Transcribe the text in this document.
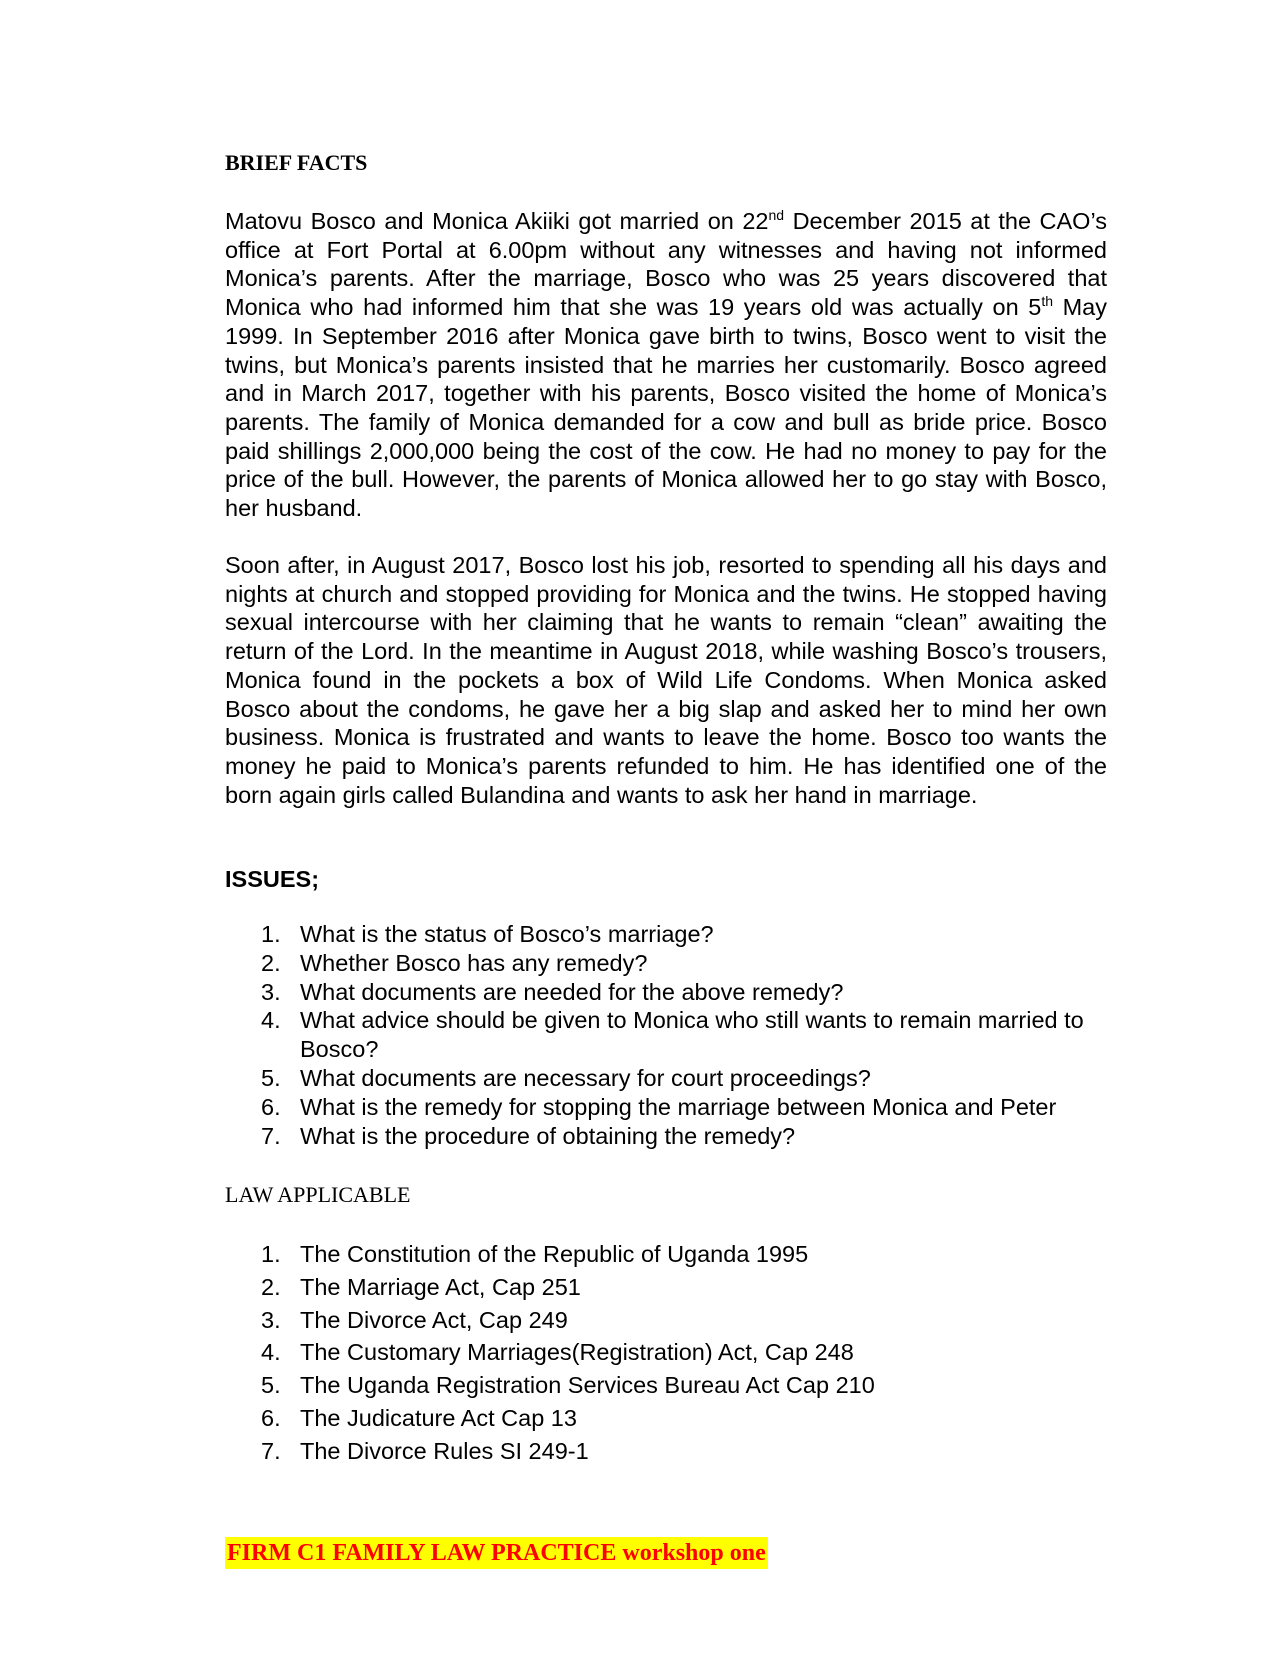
BRIEF FACTS

Matovu Bosco and Monica Akiiki got married on 22nd December 2015 at the CAO’s office at Fort Portal at 6.00pm without any witnesses and having not informed Monica’s parents. After the marriage, Bosco who was 25 years discovered that Monica who had informed him that she was 19 years old was actually on 5th May 1999. In September 2016 after Monica gave birth to twins, Bosco went to visit the twins, but Monica’s parents insisted that he marries her customarily. Bosco agreed and in March 2017, together with his parents, Bosco visited the home of Monica’s parents. The family of Monica demanded for a cow and bull as bride price. Bosco paid shillings 2,000,000 being the cost of the cow. He had no money to pay for the price of the bull. However, the parents of Monica allowed her to go stay with Bosco, her husband.

Soon after, in August 2017, Bosco lost his job, resorted to spending all his days and nights at church and stopped providing for Monica and the twins. He stopped having sexual intercourse with her claiming that he wants to remain “clean” awaiting the return of the Lord. In the meantime in August 2018, while washing Bosco’s trousers, Monica found in the pockets a box of Wild Life Condoms. When Monica asked Bosco about the condoms, he gave her a big slap and asked her to mind her own business. Monica is frustrated and wants to leave the home. Bosco too wants the money he paid to Monica’s parents refunded to him. He has identified one of the born again girls called Bulandina and wants to ask her hand in marriage.

ISSUES;
1. What is the status of Bosco’s marriage?
2. Whether Bosco has any remedy?
3. What documents are needed for the above remedy?
4. What advice should be given to Monica who still wants to remain married to Bosco?
5. What documents are necessary for court proceedings?
6. What is the remedy for stopping the marriage between Monica and Peter
7. What is the procedure of obtaining the remedy?
LAW APPLICABLE
1. The Constitution of the Republic of Uganda 1995
2. The Marriage Act, Cap 251
3. The Divorce Act, Cap 249
4. The Customary Marriages(Registration) Act, Cap 248
5. The Uganda Registration Services Bureau Act Cap 210
6. The Judicature Act Cap 13
7. The Divorce Rules SI 249-1
FIRM C1 FAMILY LAW PRACTICE workshop one
